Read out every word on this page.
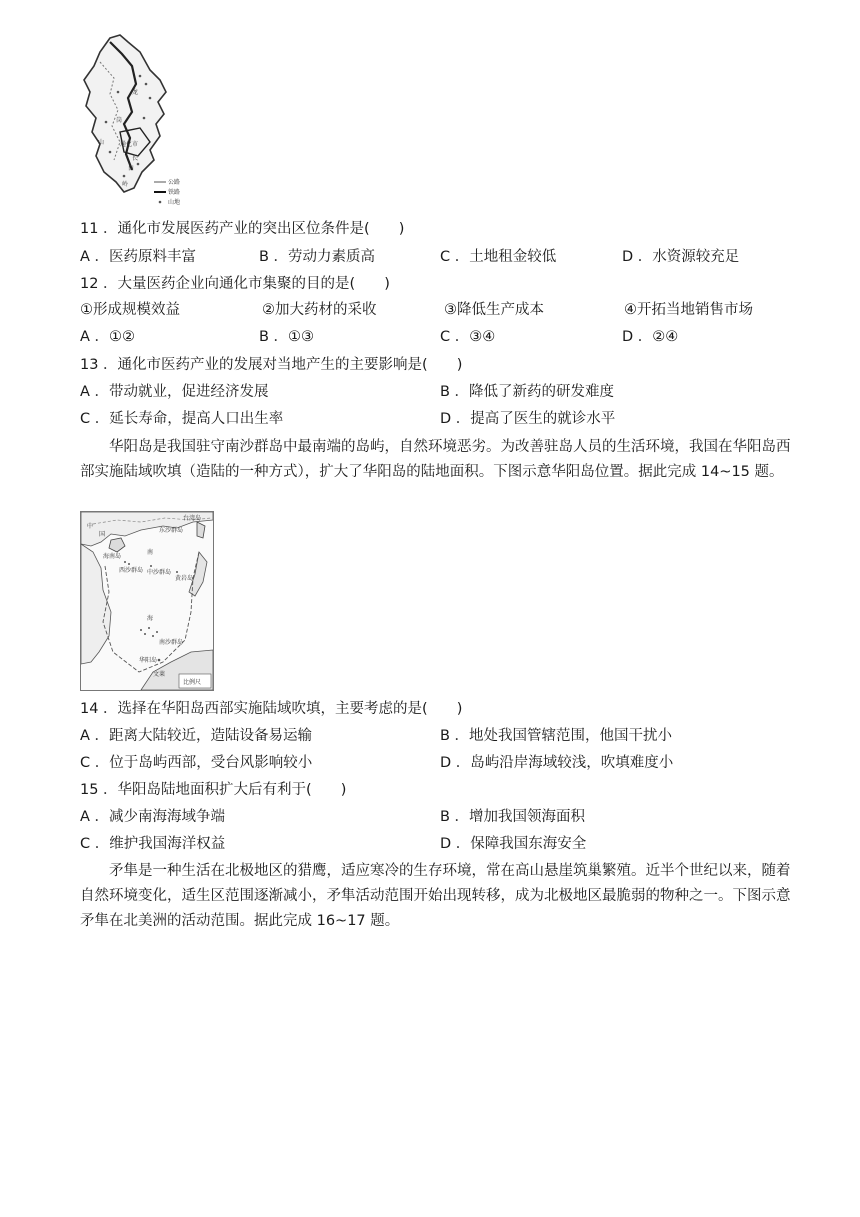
龙
岗
通化市
山
长
白
岭	公路
铁路
山地
11 ．通化市发展医药产业的突出区位条件是(　　)
A ．医药原料丰富	B ．劳动力素质高	C ．土地租金较低	D ．水资源较充足
12 ．大量医药企业向通化市集聚的目的是(　　)
①形成规模效益	②加大药材的采收	③降低生产成本	④开拓当地销售市场
A ．①②	B ．①③	C ．③④	D ．②④
13 ．通化市医药产业的发展对当地产生的主要影响是(　　)
A ．带动就业，促进经济发展	B ．降低了新药的研发难度
C ．延长寿命，提高人口出生率	D ．提高了医生的就诊水平
华阳岛是我国驻守南沙群岛中最南端的岛屿，自然环境恶劣。为改善驻岛人员的生活环境，我国在华阳岛西部实施陆域吹填（造陆的一种方式），扩大了华阳岛的陆地面积。下图示意华阳岛位置。据此完成 14~15 题。
中
国
台湾岛
东沙群岛
海南岛
西沙群岛 中沙群岛
黄岩岛
南
海
南沙群岛
华阳岛
文莱
比例尺
14 ．选择在华阳岛西部实施陆域吹填，主要考虑的是(　　)
A ．距离大陆较近，造陆设备易运输	B ．地处我国管辖范围，他国干扰小
C ．位于岛屿西部，受台风影响较小	D ．岛屿沿岸海域较浅，吹填难度小
15 ．华阳岛陆地面积扩大后有利于(　　)
A ．减少南海海域争端	B ．增加我国领海面积
C ．维护我国海洋权益	D ．保障我国东海安全
矛隼是一种生活在北极地区的猎鹰，适应寒冷的生存环境，常在高山悬崖筑巢繁殖。近半个世纪以来，随着自然环境变化，适生区范围逐渐减小，矛隼活动范围开始出现转移，成为北极地区最脆弱的物种之一。下图示意矛隼在北美洲的活动范围。据此完成 16~17 题。
